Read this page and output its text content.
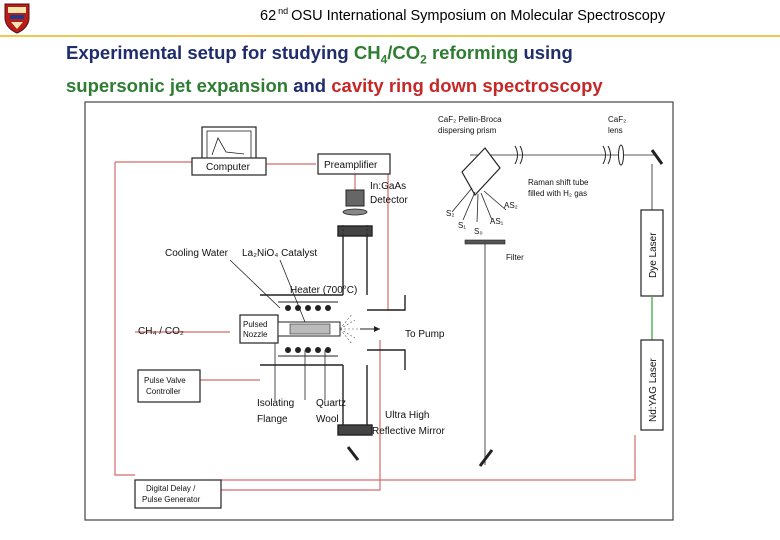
62 $^{nd}$ OSU International Symposium on Molecular Spectroscopy
Experimental setup for studying $CH_4/CO_2$ reforming using
supersonic jet expansion and cavity ring down spectroscopy
Computer	Preamplifier
In:GaAs
Detector
Pulsed
Nozzle
Cooling Water La₂NiO₄ Catalyst
Heater (700°C)
CH₄ / CO₂	To Pump
Isolating
Flange
Quartz
Wool	Ultra High
Reflective Mirror
Pulse Valve
Controller
Digital Delay /
Pulse Generator
CaF₂ Pellin-Broca
dispersing prism
Raman shift tube
filled with H₂ gas
CaF₂
lens
S₂
S₁
S₀
AS₁
AS₂
Filter	Dye Laser
Nd:YAG Laser
